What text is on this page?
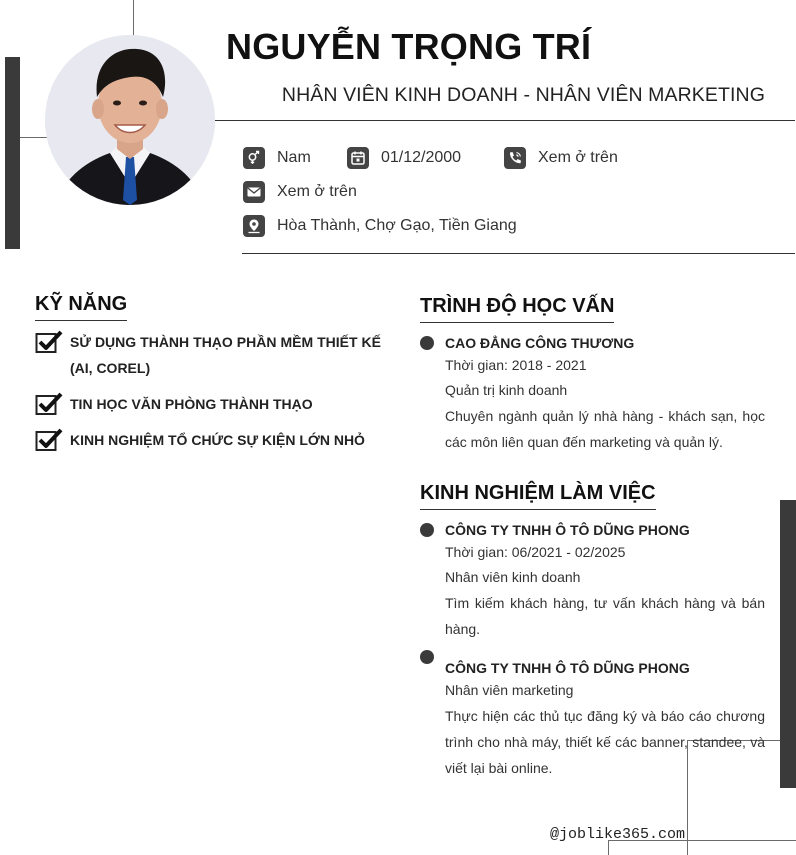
NGUYỄN TRỌNG TRÍ
NHÂN VIÊN KINH DOANH - NHÂN VIÊN MARKETING
Nam	01/12/2000	Xem ở trên
Xem ở trên
Hòa Thành, Chợ Gạo, Tiền Giang
KỸ NĂNG
SỬ DỤNG THÀNH THẠO PHẦN MỀM THIẾT KẾ (AI, COREL)
TIN HỌC VĂN PHÒNG THÀNH THẠO
KINH NGHIỆM TỔ CHỨC SỰ KIỆN LỚN NHỎ
TRÌNH ĐỘ HỌC VẤN
CAO ĐẲNG CÔNG THƯƠNG
Thời gian: 2018 - 2021
Quản trị kinh doanh
Chuyên ngành quản lý nhà hàng - khách sạn, học các môn liên quan đến marketing và quản lý.
KINH NGHIỆM LÀM VIỆC
CÔNG TY TNHH Ô TÔ DŨNG PHONG
Thời gian: 06/2021 - 02/2025
Nhân viên kinh doanh
Tìm kiếm khách hàng, tư vấn khách hàng và bán hàng.
CÔNG TY TNHH Ô TÔ DŨNG PHONG
Nhân viên marketing
Thực hiện các thủ tục đăng ký và báo cáo chương trình cho nhà máy, thiết kế các banner, standee, và viết lại bài online.
@joblike365.com
